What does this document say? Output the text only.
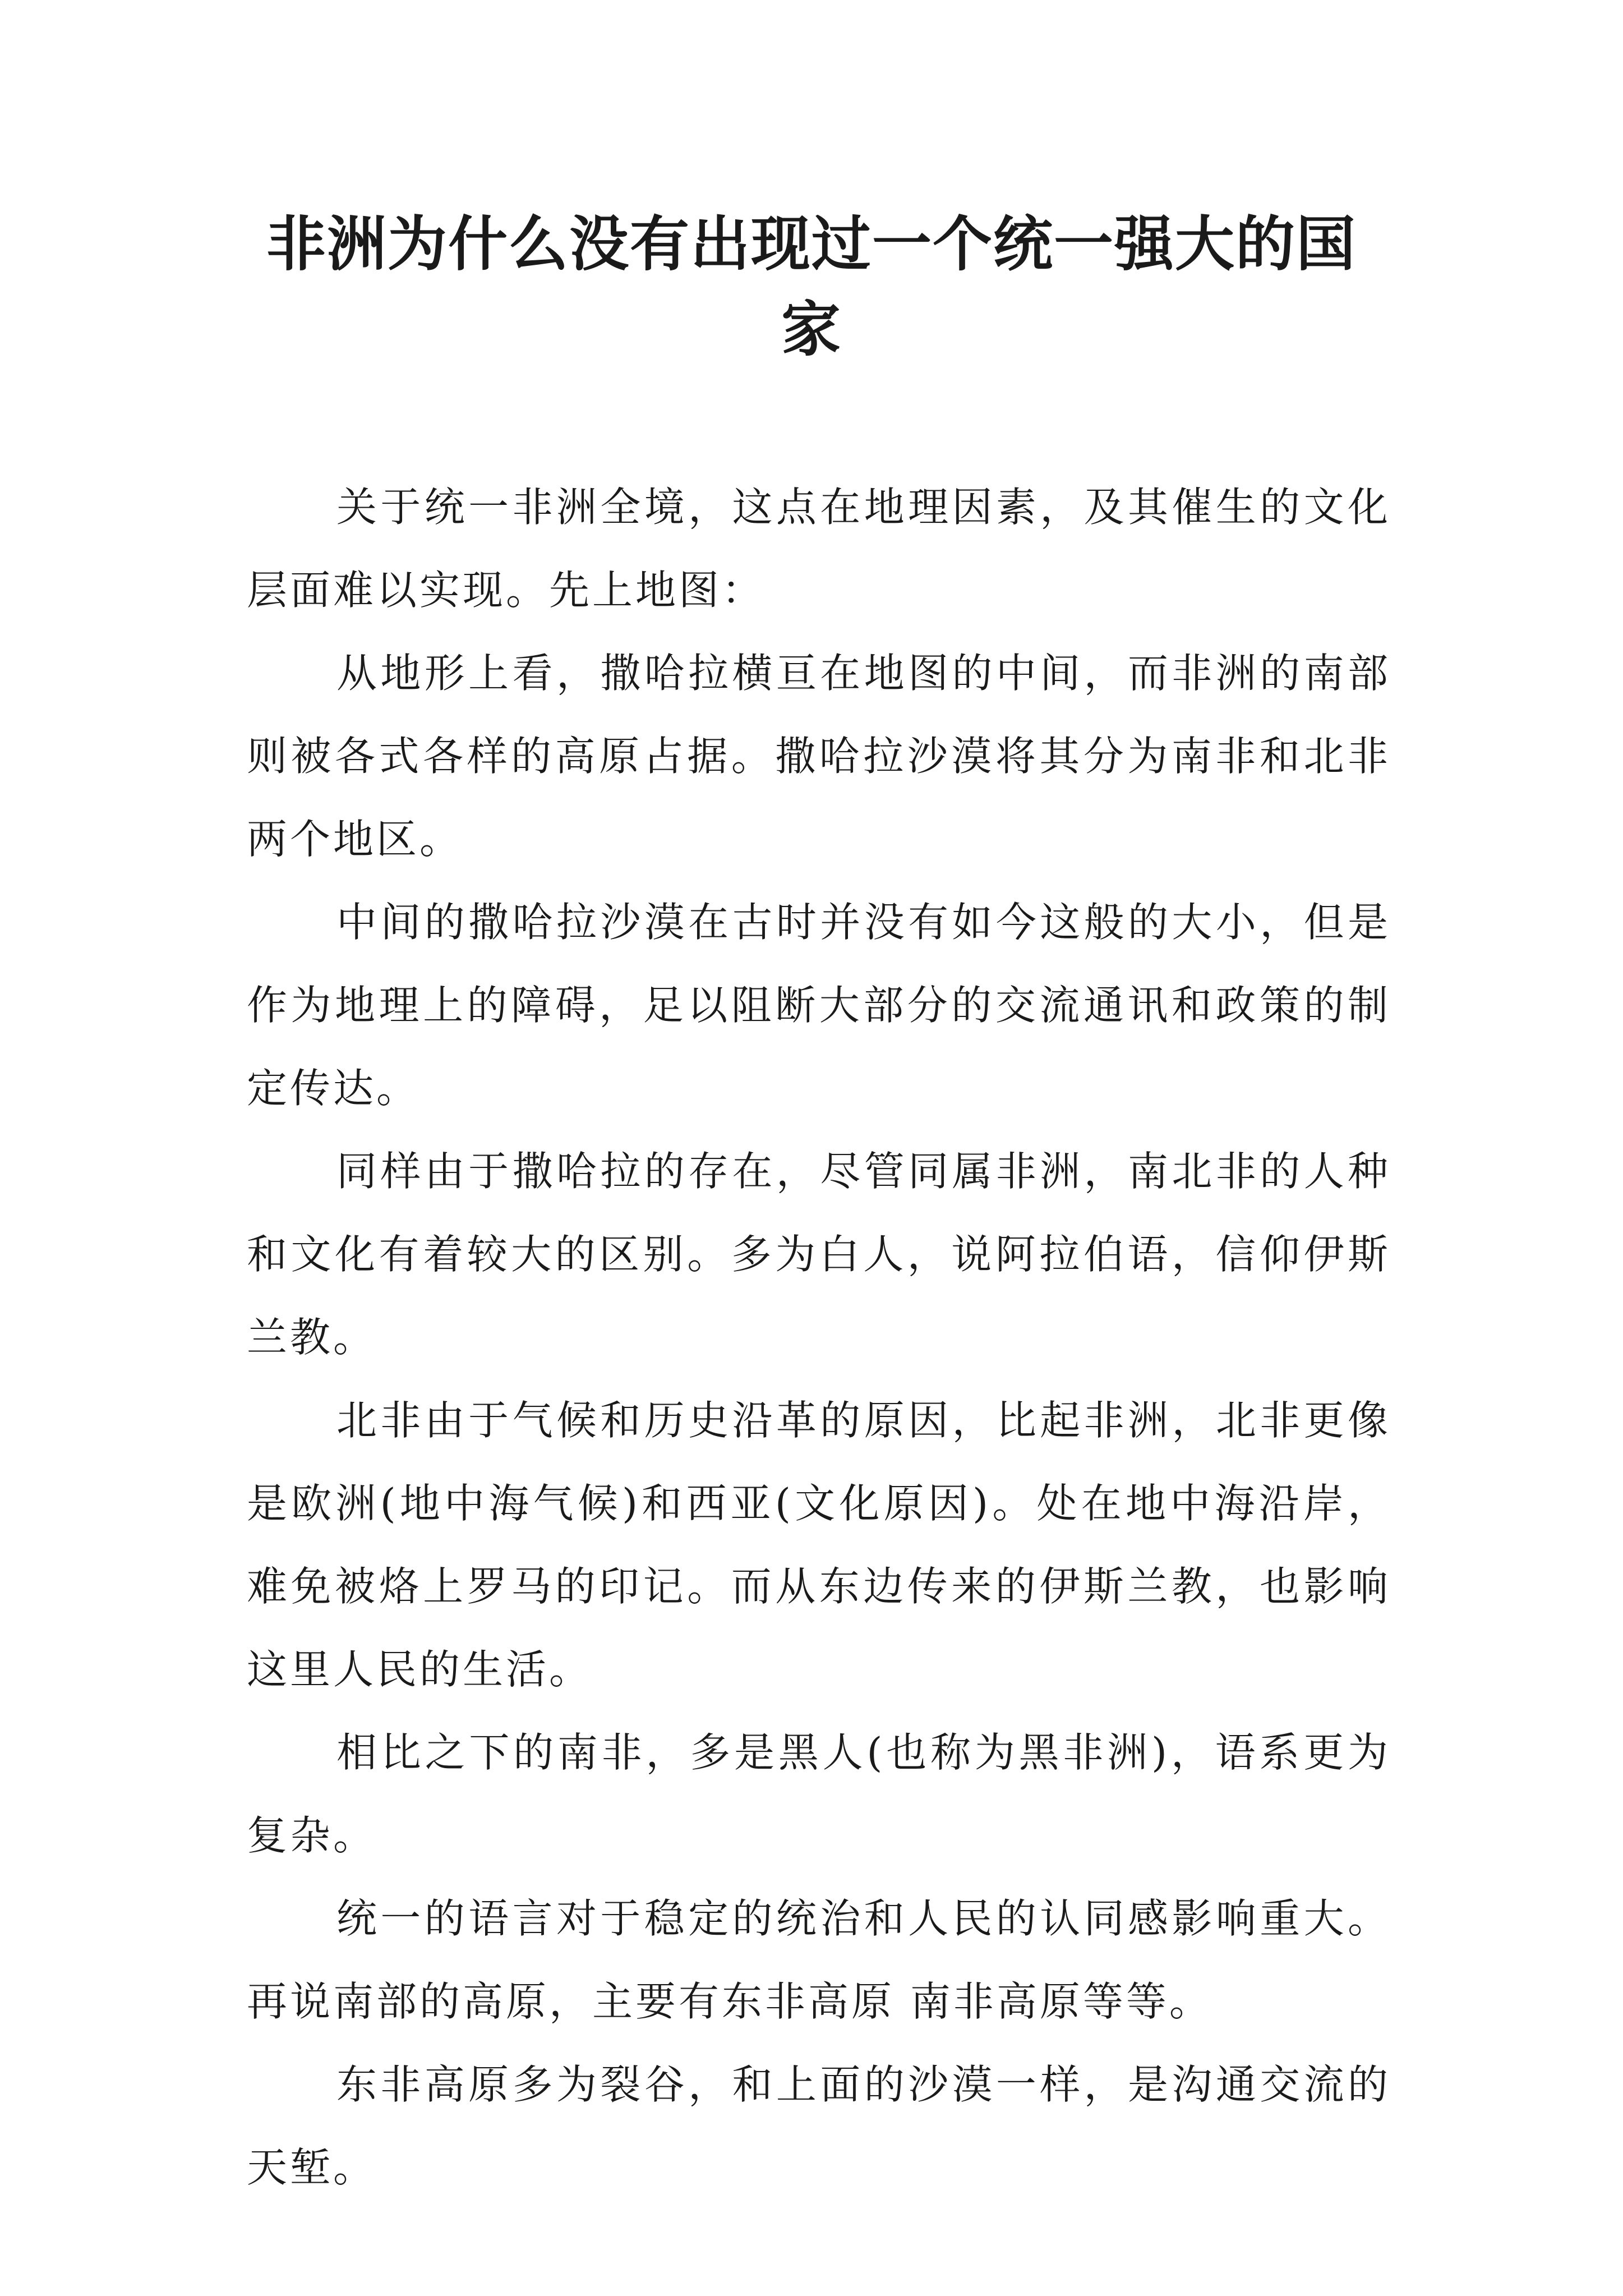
非洲为什么没有出现过一个统一强大的国家

关于统一非洲全境，这点在地理因素，及其催生的文化层面难以实现。先上地图：

从地形上看，撒哈拉横亘在地图的中间，而非洲的南部则被各式各样的高原占据。撒哈拉沙漠将其分为南非和北非两个地区。

中间的撒哈拉沙漠在古时并没有如今这般的大小，但是作为地理上的障碍，足以阻断大部分的交流通讯和政策的制定传达。

同样由于撒哈拉的存在，尽管同属非洲，南北非的人种和文化有着较大的区别。多为白人，说阿拉伯语，信仰伊斯兰教。

北非由于气候和历史沿革的原因，比起非洲，北非更像是欧洲(地中海气候)和西亚(文化原因)。处在地中海沿岸，难免被烙上罗马的印记。而从东边传来的伊斯兰教，也影响这里人民的生活。

相比之下的南非，多是黑人(也称为黑非洲)，语系更为复杂。

统一的语言对于稳定的统治和人民的认同感影响重大。再说南部的高原，主要有东非高原 南非高原等等。

东非高原多为裂谷，和上面的沙漠一样，是沟通交流的天堑。
